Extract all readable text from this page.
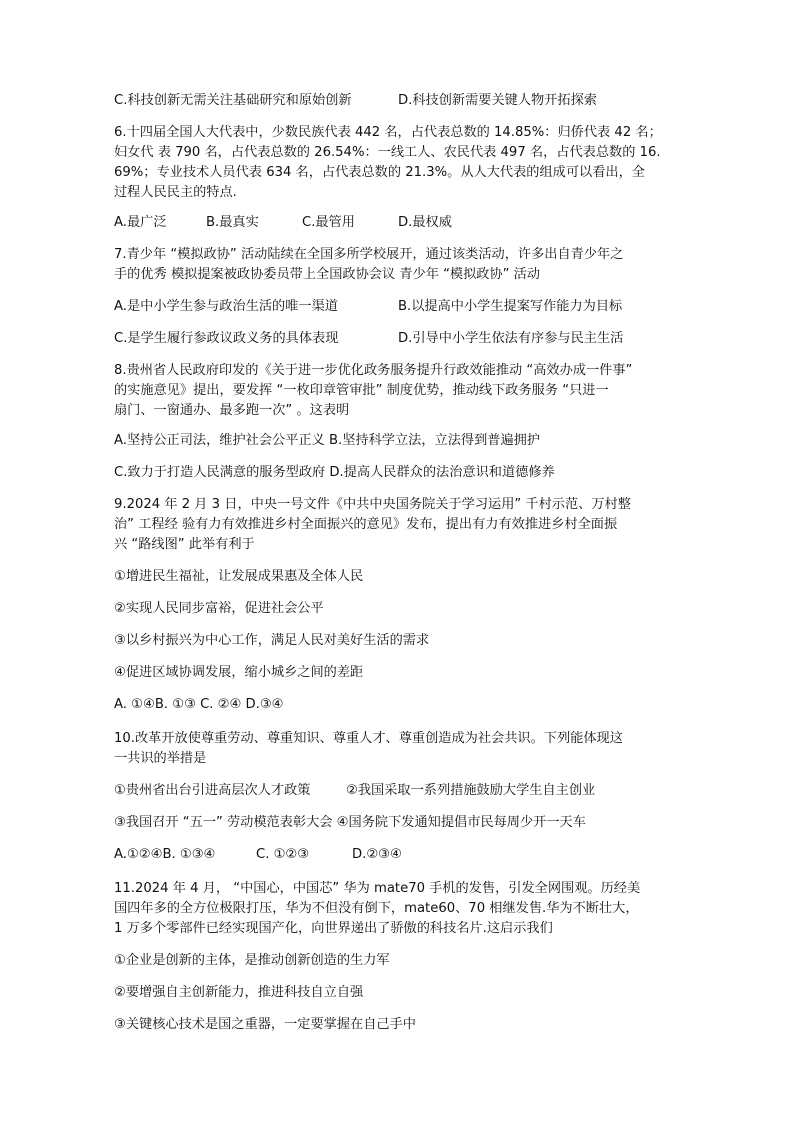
C.科技创新无需关注基础研究和原始创新	D.科技创新需要关键人物开拓探索
6.十四届全国人大代表中，少数民族代表 442 名，占代表总数的 14.85%：归侨代表 42 名；
妇女代 表 790 名，占代表总数的 26.54%：一线工人、农民代表 497 名，占代表总数的 16.
69%；专业技术人员代表 634 名，占代表总数的 21.3%。从人大代表的组成可以看出，全
过程人民民主的特点.
A.最广泛	B.最真实	C.最管用	D.最权威
7.青少年 “模拟政协” 活动陆续在全国多所学校展开，通过该类活动，许多出自青少年之
手的优秀 模拟提案被政协委员带上全国政协会议 青少年 “模拟政协” 活动
A.是中小学生参与政治生活的唯一渠道	B.以提高中小学生提案写作能力为目标
C.是学生履行参政议政义务的具体表现	D.引导中小学生依法有序参与民主生活
8.贵州省人民政府印发的《关于进一步优化政务服务提升行政效能推动 “高效办成一件事”
的实施意见》提出，要发挥 “一枚印章管审批” 制度优势，推动线下政务服务 “只进一
扇门、一窗通办、最多跑一次” 。这表明
A.坚持公正司法，维护社会公平正义 B.坚持科学立法，立法得到普遍拥护
C.致力于打造人民满意的服务型政府 D.提高人民群众的法治意识和道德修养
9.2024 年 2 月 3 日，中央一号文件《中共中央国务院关于学习运用” 千村示范、万村整
治” 工程经 验有力有效推进乡村全面振兴的意见》发布，提出有力有效推进乡村全面振
兴 “路线图” 此举有利于
①增进民生福祉，让发展成果惠及全体人民
②实现人民同步富裕，促进社会公平
③以乡村振兴为中心工作，满足人民对美好生活的需求
④促进区域协调发展，缩小城乡之间的差距
A. ①④B. ①③ C. ②④ D.③④
10.改革开放使尊重劳动、尊重知识、尊重人才、尊重创造成为社会共识。下列能体现这
一共识的举措是
①贵州省出台引进高层次人才政策	②我国采取一系列措施鼓励大学生自主创业
③我国召开 “五一” 劳动模范表彰大会 ④国务院下发通知提倡市民每周少开一天车
A.①②④B. ①③④	C. ①②③	D.②③④
11.2024 年 4 月， “中国心，中国芯” 华为 mate70 手机的发售，引发全网围观。历经美
国四年多的全方位极限打压，华为不但没有倒下，mate60、70 相继发售.华为不断壮大，
1 万多个零部件已经实现国产化，向世界递出了骄傲的科技名片.这启示我们
①企业是创新的主体，是推动创新创造的生力军
②要增强自主创新能力，推进科技自立自强
③关键核心技术是国之重器，一定要掌握在自己手中
